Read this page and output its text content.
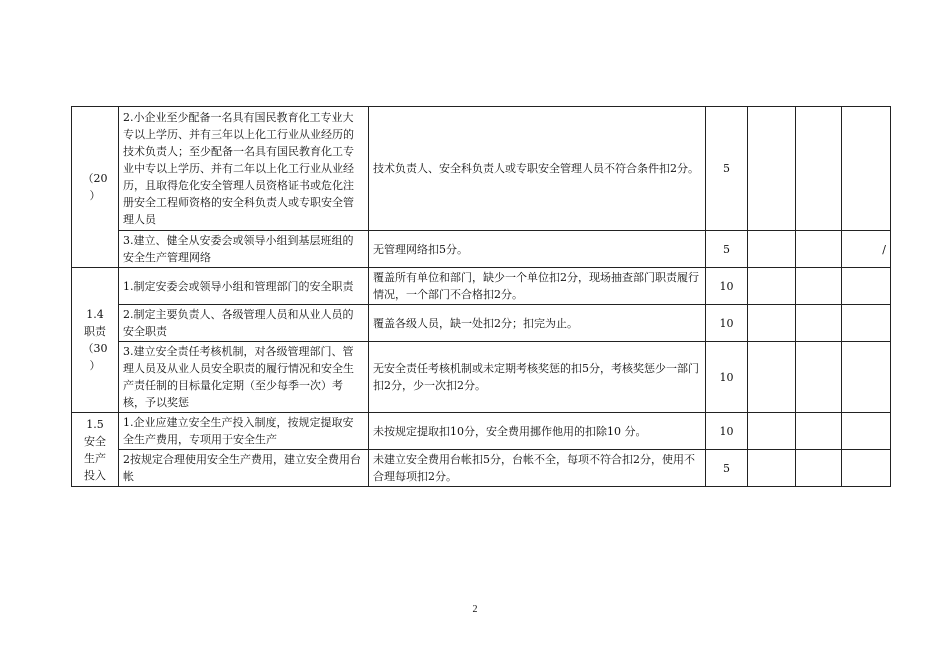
（20
）	2.小企业至少配备一名具有国民教育化工专业大专以上学历、并有三年以上化工行业从业经历的技术负责人；至少配备一名具有国民教育化工专业中专以上学历、并有二年以上化工行业从业经历，且取得危化安全管理人员资格证书或危化注册安全工程师资格的安全科负责人或专职安全管理人员	技术负责人、安全科负责人或专职安全管理人员不符合条件扣2分。	5			
	3.建立、健全从安委会或领导小组到基层班组的安全生产管理网络	无管理网络扣5分。	5			/
1.4
职责
（30
）	1.制定安委会或领导小组和管理部门的安全职责	覆盖所有单位和部门，缺少一个单位扣2分，现场抽查部门职责履行情况，一个部门不合格扣2分。	10			
	2.制定主要负责人、各级管理人员和从业人员的安全职责	覆盖各级人员，缺一处扣2分；扣完为止。	10			
	3.建立安全责任考核机制，对各级管理部门、管理人员及从业人员安全职责的履行情况和安全生产责任制的目标量化定期（至少每季一次）考核，予以奖惩	无安全责任考核机制或未定期考核奖惩的扣5分，考核奖惩少一部门扣2分，少一次扣2分。	10			
1.5
安全
生产
投入	1.企业应建立安全生产投入制度，按规定提取安全生产费用，专项用于安全生产	未按规定提取扣10分，安全费用挪作他用的扣除10 分。	10			
	2按规定合理使用安全生产费用，建立安全费用台帐	未建立安全费用台帐扣5分，台帐不全，每项不符合扣2分，使用不合理每项扣2分。	5			
2
